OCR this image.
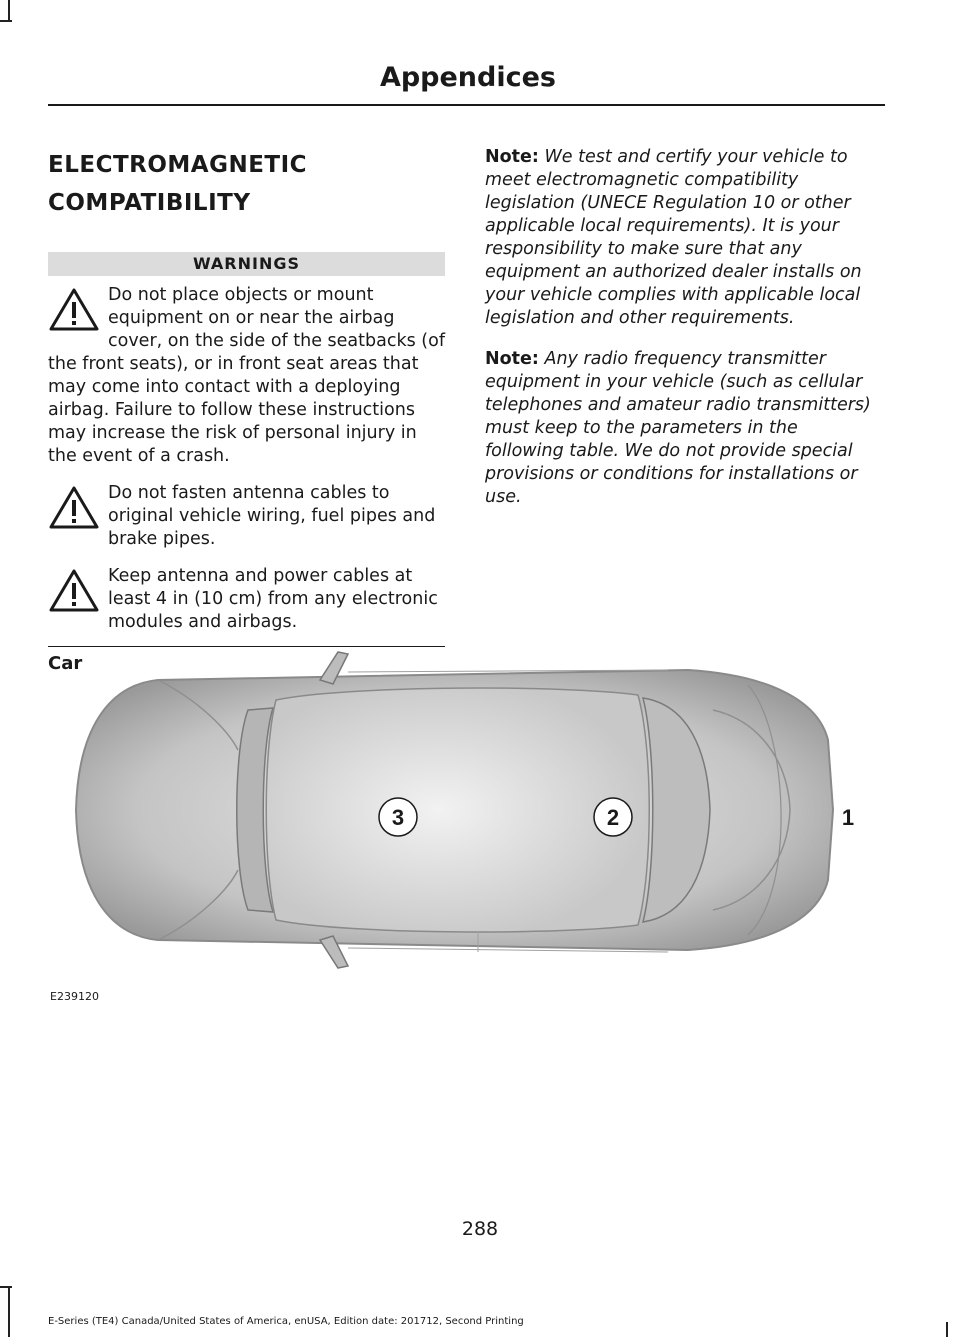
Appendices
ELECTROMAGNETIC
COMPATIBILITY
WARNINGS

Do not place objects or mount equipment on or near the airbag cover, on the side of the seatbacks (of the front seats), or in front seat areas that may come into contact with a deploying airbag. Failure to follow these instructions may increase the risk of personal injury in the event of a crash.

Do not fasten antenna cables to original vehicle wiring, fuel pipes and brake pipes.

Keep antenna and power cables at least 4 in (10 cm) from any electronic modules and airbags.

Car

Note: We test and certify your vehicle to meet electromagnetic compatibility legislation (UNECE Regulation 10 or other applicable local requirements). It is your responsibility to make sure that any equipment an authorized dealer installs on your vehicle complies with applicable local legislation and other requirements.

Note: Any radio frequency transmitter equipment in your vehicle (such as cellular telephones and amateur radio transmitters) must keep to the parameters in the following table. We do not provide special provisions or conditions for installations or use.

3	2	1
E239120
288
E-Series (TE4) Canada/United States of America, enUSA, Edition date: 201712, Second Printing
